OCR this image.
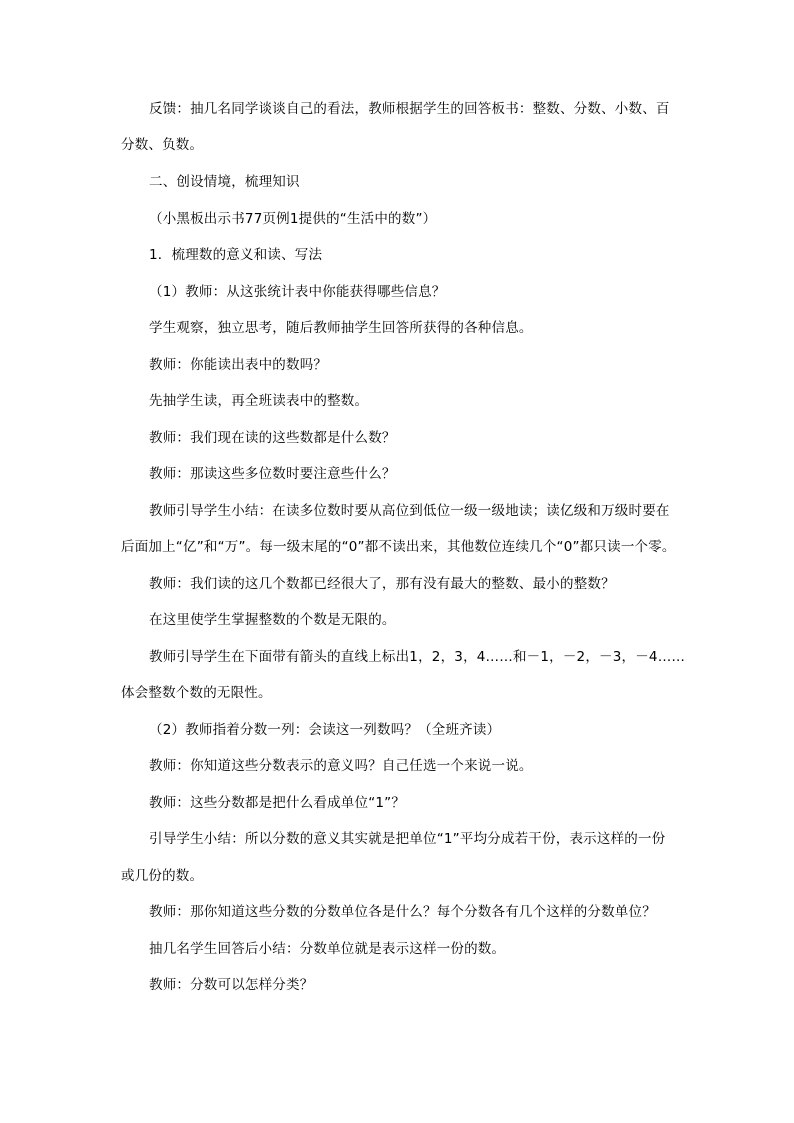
反馈：抽几名同学谈谈自己的看法，教师根据学生的回答板书：整数、分数、小数、百
分数、负数。
二、创设情境，梳理知识
（小黑板出示书77页例1提供的“生活中的数”）
1．梳理数的意义和读、写法
（1）教师：从这张统计表中你能获得哪些信息？
学生观察，独立思考，随后教师抽学生回答所获得的各种信息。
教师：你能读出表中的数吗？
先抽学生读，再全班读表中的整数。
教师：我们现在读的这些数都是什么数？
教师：那读这些多位数时要注意些什么？
教师引导学生小结：在读多位数时要从高位到低位一级一级地读；读亿级和万级时要在
后面加上“亿”和“万”。每一级末尾的“0”都不读出来，其他数位连续几个“0”都只读一个零。
教师：我们读的这几个数都已经很大了，那有没有最大的整数、最小的整数？
在这里使学生掌握整数的个数是无限的。
教师引导学生在下面带有箭头的直线上标出1，2，3，4……和－1，－2，－3，－4……
体会整数个数的无限性。
（2）教师指着分数一列：会读这一列数吗？（全班齐读）
教师：你知道这些分数表示的意义吗？自己任选一个来说一说。
教师：这些分数都是把什么看成单位“1”？
引导学生小结：所以分数的意义其实就是把单位“1”平均分成若干份，表示这样的一份
或几份的数。
教师：那你知道这些分数的分数单位各是什么？每个分数各有几个这样的分数单位？
抽几名学生回答后小结：分数单位就是表示这样一份的数。
教师：分数可以怎样分类？
